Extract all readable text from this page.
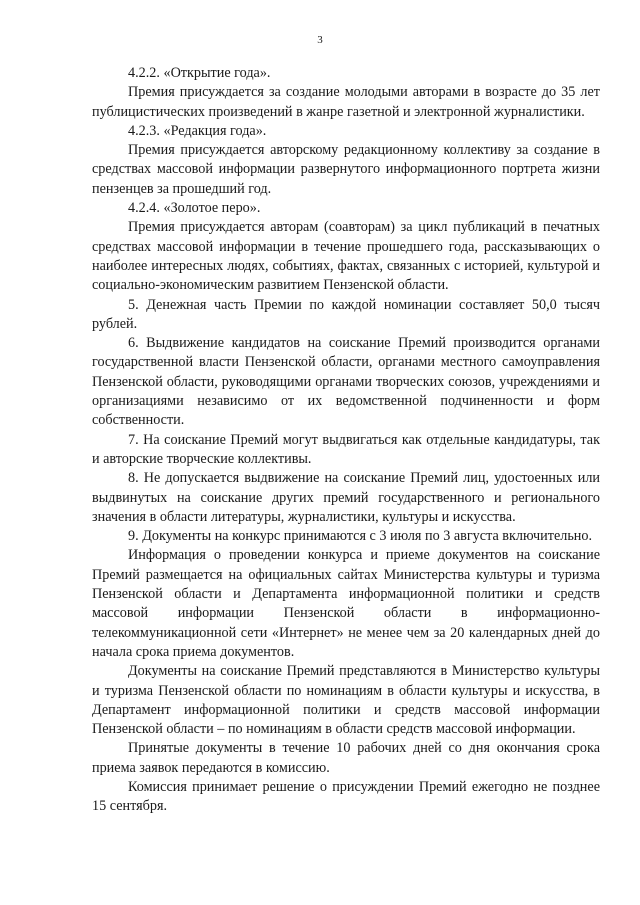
3

4.2.2. «Открытие года».

Премия присуждается за создание молодыми авторами в возрасте до 35 лет публицистических произведений в жанре газетной и электронной журналистики.

4.2.3. «Редакция года».

Премия присуждается авторскому редакционному коллективу за создание в средствах массовой информации развернутого информационного портрета жизни пензенцев за прошедший год.

4.2.4. «Золотое перо».

Премия присуждается авторам (соавторам) за цикл публикаций в печатных средствах массовой информации в течение прошедшего года, рассказывающих о наиболее интересных людях, событиях, фактах, связанных с историей, культурой и социально-экономическим развитием Пензенской области.

5. Денежная часть Премии по каждой номинации составляет 50,0 тысяч рублей.

6. Выдвижение кандидатов на соискание Премий производится органами государственной власти Пензенской области, органами местного самоуправления Пензенской области, руководящими органами творческих союзов, учреждениями и организациями независимо от их ведомственной подчиненности и форм собственности.

7. На соискание Премий могут выдвигаться как отдельные кандидатуры, так и авторские творческие коллективы.

8. Не допускается выдвижение на соискание Премий лиц, удостоенных или выдвинутых на соискание других премий государственного и регионального значения в области литературы, журналистики, культуры и искусства.

9. Документы на конкурс принимаются с 3 июля по 3 августа включительно.

Информация о проведении конкурса и приеме документов на соискание Премий размещается на официальных сайтах Министерства культуры и туризма Пензенской области и Департамента информационной политики и средств массовой информации Пензенской области в информационно-телекоммуникационной сети «Интернет» не менее чем за 20 календарных дней до начала срока приема документов.

Документы на соискание Премий представляются в Министерство культуры и туризма Пензенской области по номинациям в области культуры и искусства, в Департамент информационной политики и средств массовой информации Пензенской области – по номинациям в области средств массовой информации.

Принятые документы в течение 10 рабочих дней со дня окончания срока приема заявок передаются в комиссию.

Комиссия принимает решение о присуждении Премий ежегодно не позднее 15 сентября.
